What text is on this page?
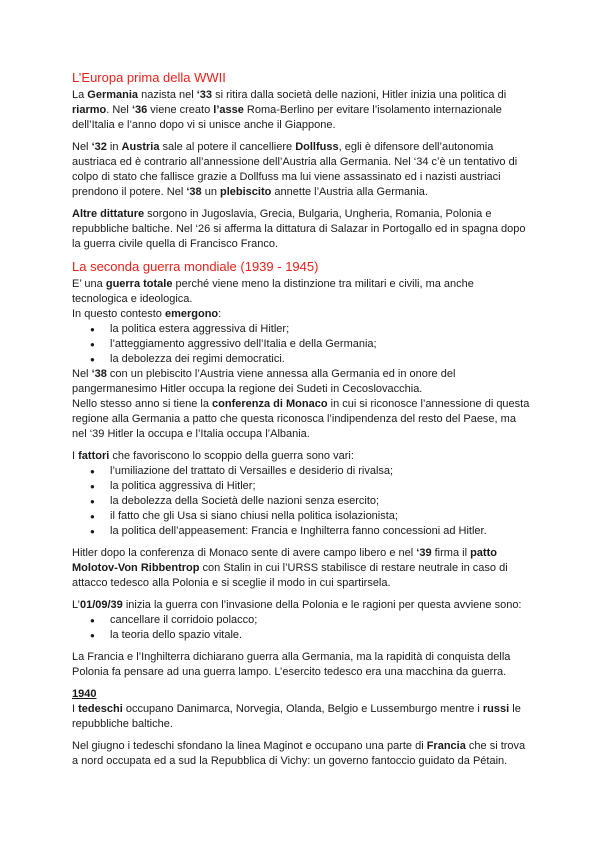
L’Europa prima della WWII

La Germania nazista nel ‘33 si ritira dalla società delle nazioni, Hitler inizia una politica di riarmo. Nel ‘36 viene creato l’asse Roma-Berlino per evitare l’isolamento internazionale dell’Italia e l’anno dopo vi si unisce anche il Giappone.

Nel ‘32 in Austria sale al potere il cancelliere Dollfuss, egli è difensore dell’autonomia austriaca ed è contrario all’annessione dell’Austria alla Germania. Nel ‘34 c’è un tentativo di colpo di stato che fallisce grazie a Dollfuss ma lui viene assassinato ed i nazisti austriaci prendono il potere. Nel ‘38 un plebiscito annette l’Austria alla Germania.

Altre dittature sorgono in Jugoslavia, Grecia, Bulgaria, Ungheria, Romania, Polonia e repubbliche baltiche. Nel ‘26 si afferma la dittatura di Salazar in Portogallo ed in spagna dopo la guerra civile quella di Francisco Franco.

La seconda guerra mondiale (1939 - 1945)

E’ una guerra totale perché viene meno la distinzione tra militari e civili, ma anche tecnologica e ideologica.

In questo contesto emergono:

● la politica estera aggressiva di Hitler;
● l’atteggiamento aggressivo dell’Italia e della Germania;
● la debolezza dei regimi democratici.

Nel ‘38 con un plebiscito l’Austria viene annessa alla Germania ed in onore del pangermanesimo Hitler occupa la regione dei Sudeti in Cecoslovacchia.

Nello stesso anno si tiene la conferenza di Monaco in cui si riconosce l’annessione di questa regione alla Germania a patto che questa riconosca l’indipendenza del resto del Paese, ma nel ‘39 Hitler la occupa e l’Italia occupa l’Albania.

I fattori che favoriscono lo scoppio della guerra sono vari:

● l’umiliazione del trattato di Versailles e desiderio di rivalsa;
● la politica aggressiva di Hitler;
● la debolezza della Società delle nazioni senza esercito;
● il fatto che gli Usa si siano chiusi nella politica isolazionista;
● la politica dell’appeasement: Francia e Inghilterra fanno concessioni ad Hitler.

Hitler dopo la conferenza di Monaco sente di avere campo libero e nel ‘39 firma il patto Molotov-Von Ribbentrop con Stalin in cui l’URSS stabilisce di restare neutrale in caso di attacco tedesco alla Polonia e si sceglie il modo in cui spartirsela.

L’01/09/39 inizia la guerra con l’invasione della Polonia e le ragioni per questa avviene sono:

● cancellare il corridoio polacco;
● la teoria dello spazio vitale.

La Francia e l’Inghilterra dichiarano guerra alla Germania, ma la rapidità di conquista della Polonia fa pensare ad una guerra lampo. L’esercito tedesco era una macchina da guerra.

1940

I tedeschi occupano Danimarca, Norvegia, Olanda, Belgio e Lussemburgo mentre i russi le repubbliche baltiche.

Nel giugno i tedeschi sfondano la linea Maginot e occupano una parte di Francia che si trova a nord occupata ed a sud la Repubblica di Vichy: un governo fantoccio guidato da Pétain.
